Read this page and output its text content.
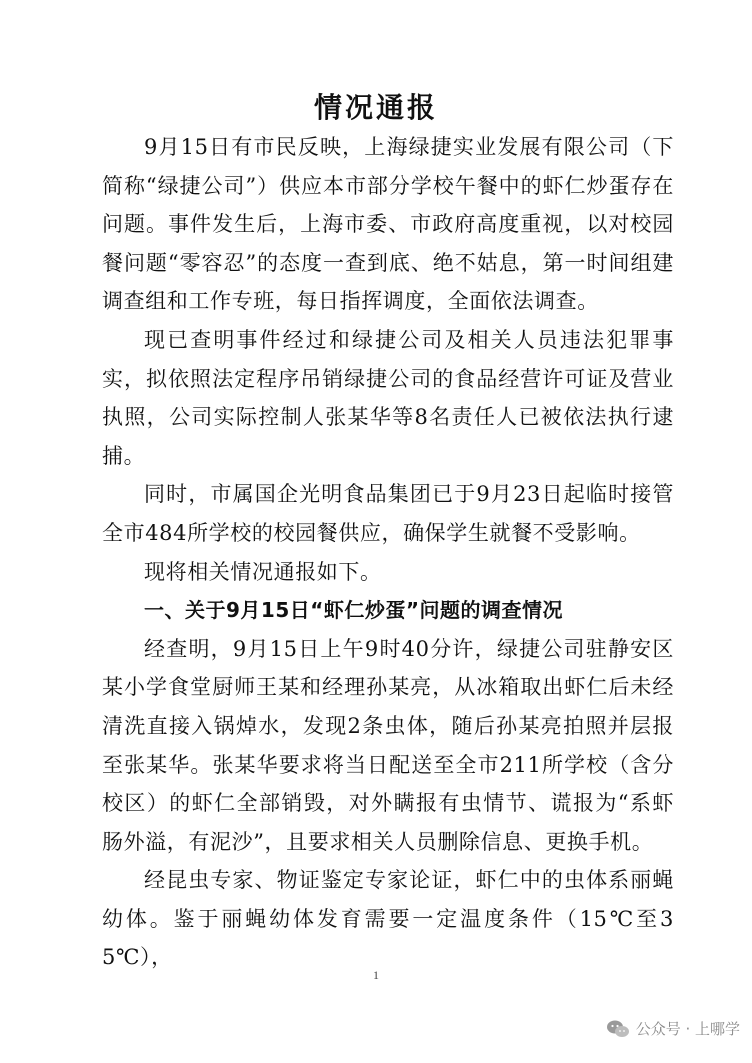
情况通报

9月15日有市民反映，上海绿捷实业发展有限公司（下简称“绿捷公司”）供应本市部分学校午餐中的虾仁炒蛋存在问题。事件发生后，上海市委、市政府高度重视，以对校园餐问题“零容忍”的态度一查到底、绝不姑息，第一时间组建调查组和工作专班，每日指挥调度，全面依法调查。

现已查明事件经过和绿捷公司及相关人员违法犯罪事实，拟依照法定程序吊销绿捷公司的食品经营许可证及营业执照，公司实际控制人张某华等8名责任人已被依法执行逮捕。

同时，市属国企光明食品集团已于9月23日起临时接管全市484所学校的校园餐供应，确保学生就餐不受影响。

现将相关情况通报如下。

一、关于9月15日“虾仁炒蛋”问题的调查情况

经查明，9月15日上午9时40分许，绿捷公司驻静安区某小学食堂厨师王某和经理孙某亮，从冰箱取出虾仁后未经清洗直接入锅焯水，发现2条虫体，随后孙某亮拍照并层报至张某华。张某华要求将当日配送至全市211所学校（含分校区）的虾仁全部销毁，对外瞒报有虫情节、谎报为“系虾肠外溢，有泥沙”，且要求相关人员删除信息、更换手机。

经昆虫专家、物证鉴定专家论证，虾仁中的虫体系丽蝇幼体。鉴于丽蝇幼体发育需要一定温度条件（15℃至35℃），

1
公众号 · 上哪学
